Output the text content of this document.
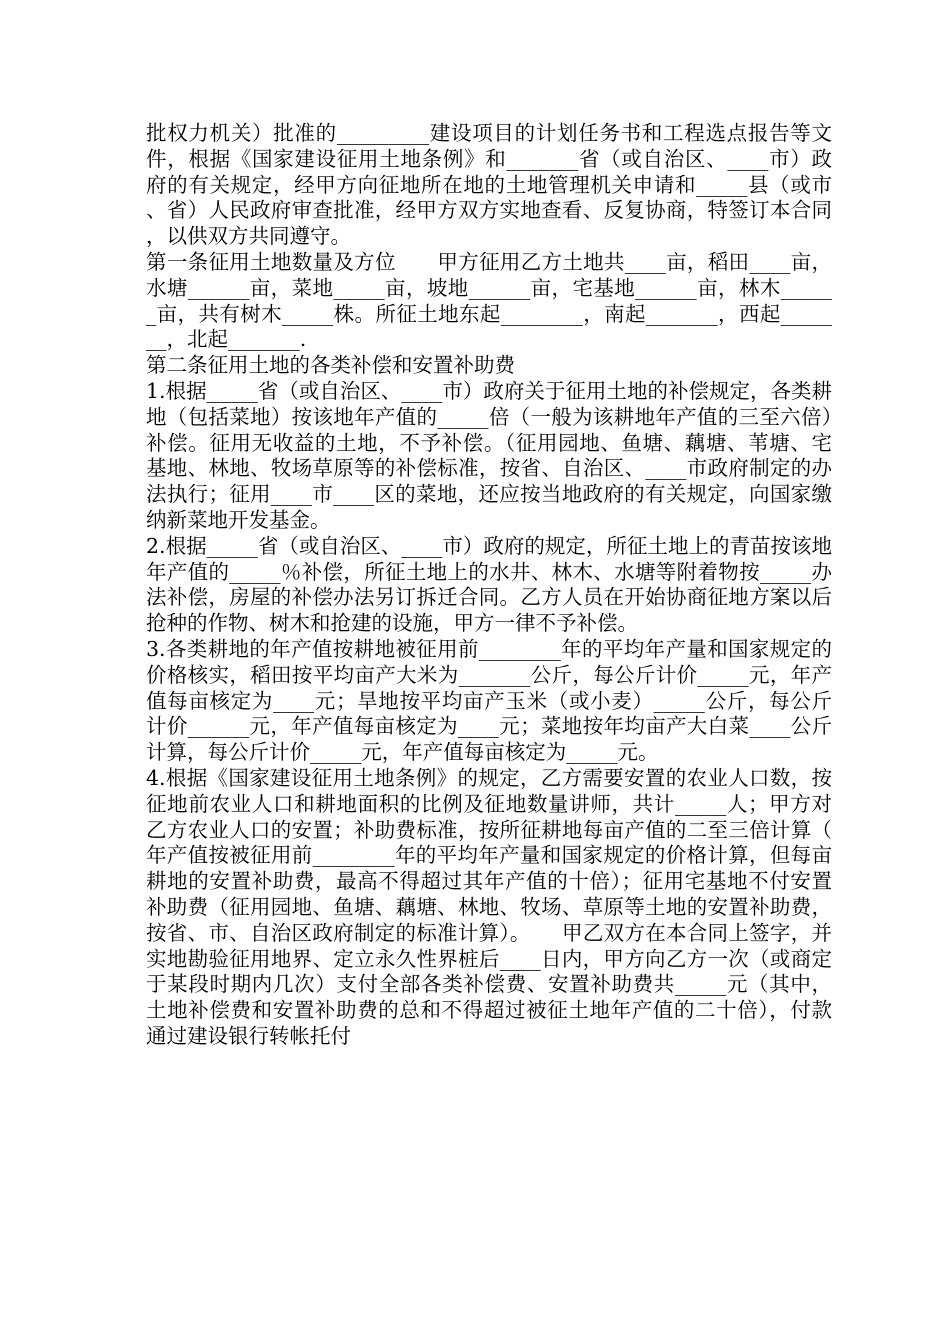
批权力机关）批准的_________建设项目的计划任务书和工程选点报告等文件，根据《国家建设征用土地条例》和_______省（或自治区、____市）政府的有关规定，经甲方向征地所在地的土地管理机关申请和_____县（或市、省）人民政府审查批准，经甲方双方实地查看、反复协商，特签订本合同，以供双方共同遵守。

第一条征用土地数量及方位　　甲方征用乙方土地共____亩，稻田____亩，水塘______亩，菜地_____亩，坡地______亩，宅基地______亩，林木______亩，共有树木_____株。所征土地东起________，南起_______，西起_______，北起_______.

第二条征用土地的各类补偿和安置补助费

1.根据_____省（或自治区、____市）政府关于征用土地的补偿规定，各类耕地（包括菜地）按该地年产值的_____倍（一般为该耕地年产值的三至六倍）补偿。征用无收益的土地，不予补偿。（征用园地、鱼塘、藕塘、苇塘、宅基地、林地、牧场草原等的补偿标准，按省、自治区、____市政府制定的办法执行；征用____市____区的菜地，还应按当地政府的有关规定，向国家缴纳新菜地开发基金。

2.根据_____省（或自治区、____市）政府的规定，所征土地上的青苗按该地年产值的_____％补偿，所征土地上的水井、林木、水塘等附着物按_____办法补偿，房屋的补偿办法另订拆迁合同。乙方人员在开始协商征地方案以后抢种的作物、树木和抢建的设施，甲方一律不予补偿。

3.各类耕地的年产值按耕地被征用前________年的平均年产量和国家规定的价格核实，稻田按平均亩产大米为_______公斤，每公斤计价_____元，年产值每亩核定为____元；旱地按平均亩产玉米（或小麦）_____公斤，每公斤计价______元，年产值每亩核定为____元；菜地按年均亩产大白菜____公斤计算，每公斤计价_____元，年产值每亩核定为_____元。

4.根据《国家建设征用土地条例》的规定，乙方需要安置的农业人口数，按征地前农业人口和耕地面积的比例及征地数量讲师，共计_____人；甲方对乙方农业人口的安置；补助费标准，按所征耕地每亩产值的二至三倍计算（年产值按被征用前________年的平均年产量和国家规定的价格计算，但每亩耕地的安置补助费，最高不得超过其年产值的十倍）；征用宅基地不付安置补助费（征用园地、鱼塘、藕塘、林地、牧场、草原等土地的安置补助费，按省、市、自治区政府制定的标准计算）。　　甲乙双方在本合同上签字，并实地勘验征用地界、定立永久性界桩后____日内，甲方向乙方一次（或商定于某段时期内几次）支付全部各类补偿费、安置补助费共_____元（其中，土地补偿费和安置补助费的总和不得超过被征土地年产值的二十倍），付款通过建设银行转帐托付
